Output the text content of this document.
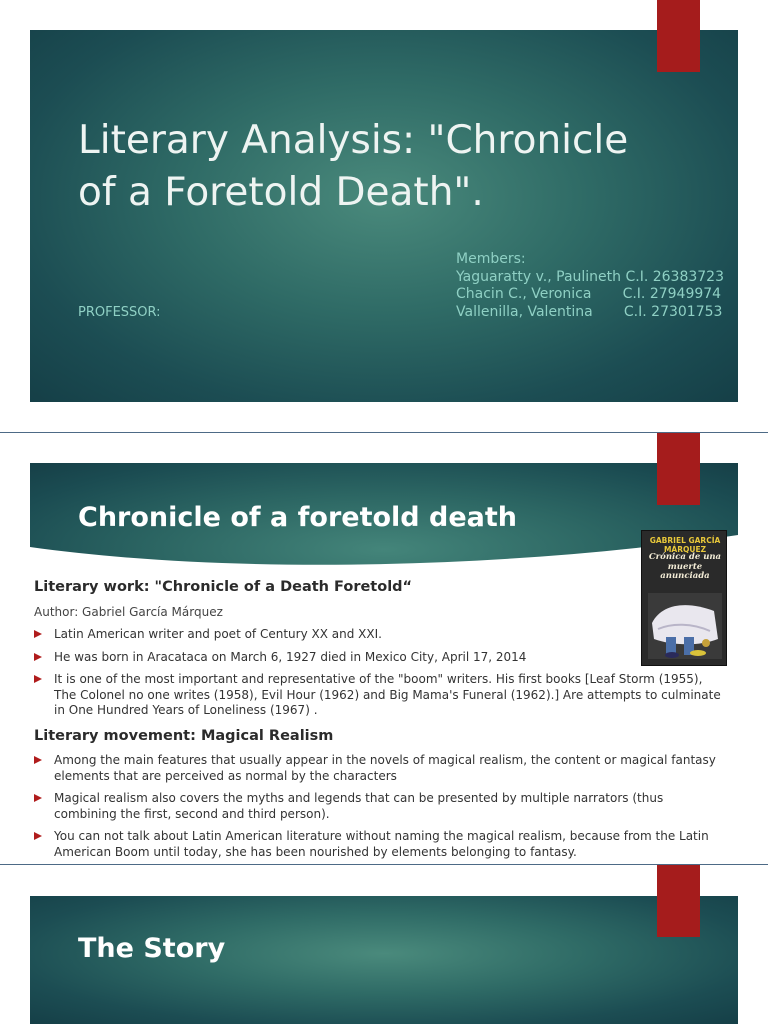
Literary Analysis: "Chronicle of a Foretold Death".
Members:
Yaguaratty v., Paulineth C.I. 26383723
Chacin C., Veronica       C.I. 27949974
Vallenilla, Valentina       C.I. 27301753
PROFESSOR:
Chronicle of a foretold death
GABRIEL GARCÍA MÁRQUEZ
Crónica de una muerte anunciada
Literary work: "Chronicle of a Death Foretold“
Author: Gabriel García Márquez
Latin American writer and poet of Century XX and XXI.
He was born in Aracataca on March 6, 1927 died in Mexico City, April 17, 2014
It is one of the most important and representative of the "boom" writers. His first books [Leaf Storm (1955), The Colonel no one writes (1958), Evil Hour (1962) and Big Mama's Funeral (1962).] Are attempts to culminate in One Hundred Years of Loneliness (1967) .
Literary movement: Magical Realism
Among the main features that usually appear in the novels of magical realism, the content or magical fantasy elements that are perceived as normal by the characters
Magical realism also covers the myths and legends that can be presented by multiple narrators (thus combining the first, second and third person).
You can not talk about Latin American literature without naming the magical realism, because from the Latin American Boom until today, she has been nourished by elements belonging to fantasy.
The Story
